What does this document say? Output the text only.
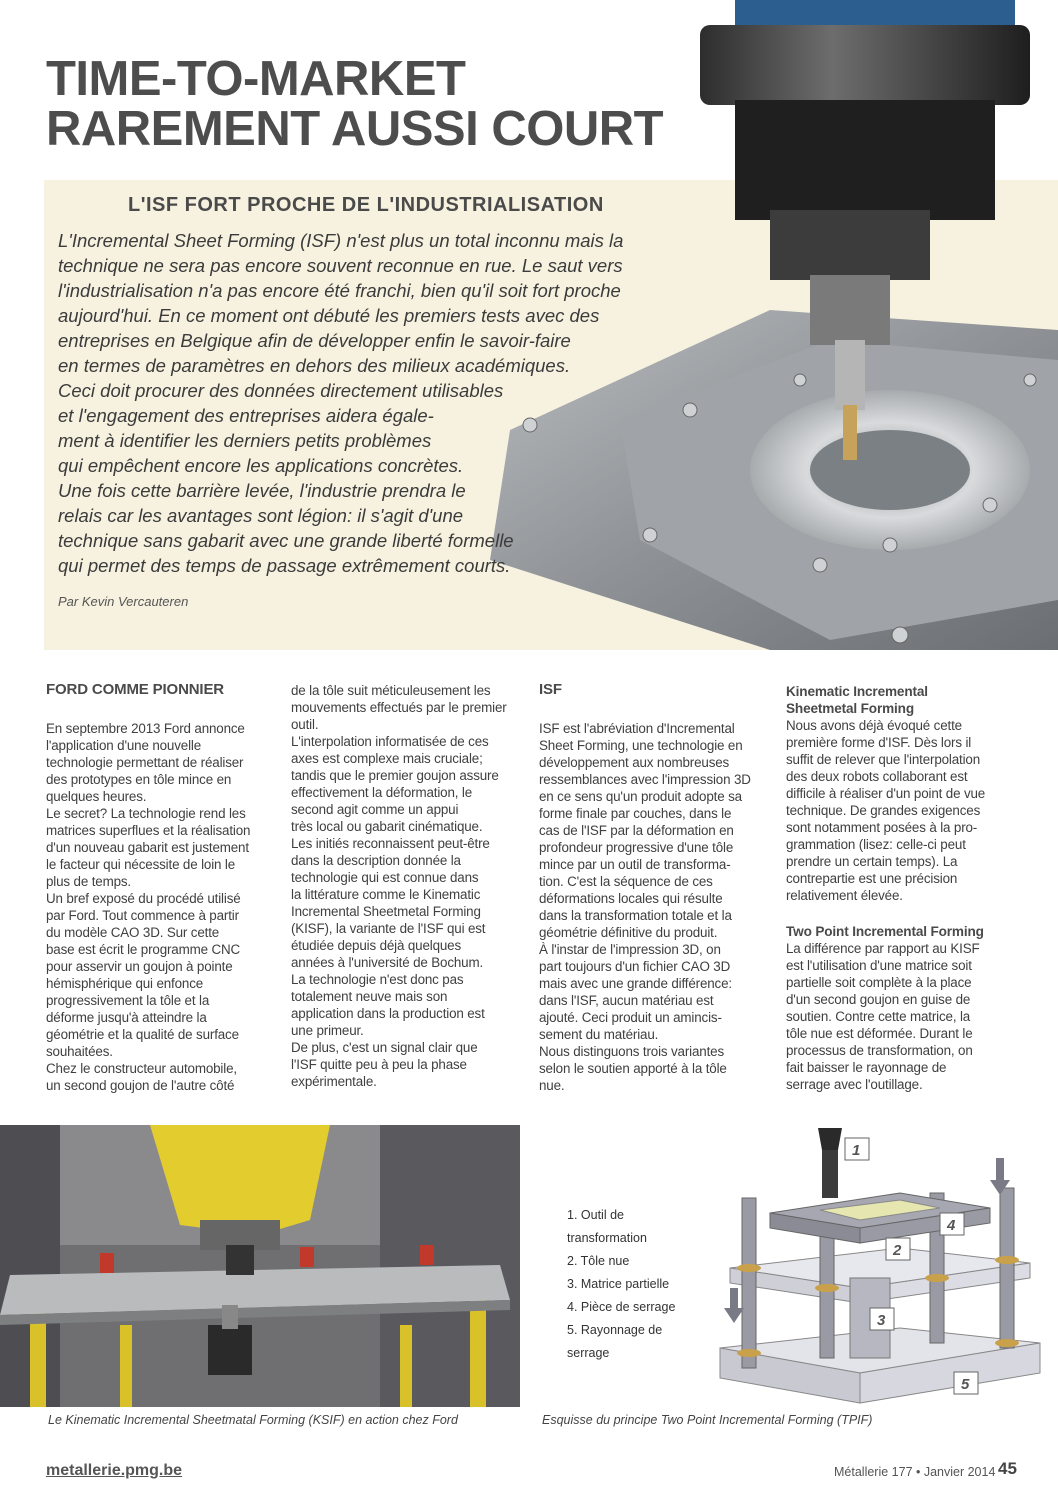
TIME-TO-MARKET
RAREMENT AUSSI COURT
L'ISF FORT PROCHE DE L'INDUSTRIALISATION
L'Incremental Sheet Forming (ISF) n'est plus un total inconnu mais la
technique ne sera pas encore souvent reconnue en rue. Le saut vers
l'industrialisation n'a pas encore été franchi, bien qu'il soit fort proche
aujourd'hui. En ce moment ont débuté les premiers tests avec des
entreprises en Belgique afin de développer enfin le savoir-faire
en termes de paramètres en dehors des milieux académiques.
Ceci doit procurer des données directement utilisables
et l'engagement des entreprises aidera égale-
ment à identifier les derniers petits problèmes
qui empêchent encore les applications concrètes.
Une fois cette barrière levée, l'industrie prendra le
relais car les avantages sont légion: il s'agit d'une
technique sans gabarit avec une grande liberté formelle
qui permet des temps de passage extrêmement courts.
Par Kevin Vercauteren
FORD COMME PIONNIER
En septembre 2013 Ford annonce
l'application d'une nouvelle
technologie permettant de réaliser
des prototypes en tôle mince en
quelques heures.
Le secret? La technologie rend les
matrices superflues et la réalisation
d'un nouveau gabarit est justement
le facteur qui nécessite de loin le
plus de temps.
Un bref exposé du procédé utilisé
par Ford. Tout commence à partir
du modèle CAO 3D. Sur cette
base est écrit le programme CNC
pour asservir un goujon à pointe
hémisphérique qui enfonce
progressivement la tôle et la
déforme jusqu'à atteindre la
géométrie et la qualité de surface
souhaitées.
Chez le constructeur automobile,
un second goujon de l'autre côté
de la tôle suit méticuleusement les
mouvements effectués par le premier
outil.
L'interpolation informatisée de ces
axes est complexe mais cruciale;
tandis que le premier goujon assure
effectivement la déformation, le
second agit comme un appui
très local ou gabarit cinématique.
Les initiés reconnaissent peut-être
dans la description donnée la
technologie qui est connue dans
la littérature comme le Kinematic
Incremental Sheetmetal Forming
(KISF), la variante de l'ISF qui est
étudiée depuis déjà quelques
années à l'université de Bochum.
La technologie n'est donc pas
totalement neuve mais son
application dans la production est
une primeur.
De plus, c'est un signal clair que
l'ISF quitte peu à peu la phase
expérimentale.
ISF
ISF est l'abréviation d'Incremental
Sheet Forming, une technologie en
développement aux nombreuses
ressemblances avec l'impression 3D
en ce sens qu'un produit adopte sa
forme finale par couches, dans le
cas de l'ISF par la déformation en
profondeur progressive d'une tôle
mince par un outil de transforma-
tion. C'est la séquence de ces
déformations locales qui résulte
dans la transformation totale et la
géométrie définitive du produit.
À l'instar de l'impression 3D, on
part toujours d'un fichier CAO 3D
mais avec une grande différence:
dans l'ISF, aucun matériau est
ajouté. Ceci produit un amincis-
sement du matériau.
Nous distinguons trois variantes
selon le soutien apporté à la tôle
nue.
Kinematic Incremental
Sheetmetal Forming
Nous avons déjà évoqué cette
première forme d'ISF. Dès lors il
suffit de relever que l'interpolation
des deux robots collaborant est
difficile à réaliser d'un point de vue
technique. De grandes exigences
sont notamment posées à la pro-
grammation (lisez: celle-ci peut
prendre un certain temps). La
contrepartie est une précision
relativement élevée.
Two Point Incremental Forming
La différence par rapport au KISF
est l'utilisation d'une matrice soit
partielle soit complète à la place
d'un second goujon en guise de
soutien. Contre cette matrice, la
tôle nue est déformée. Durant le
processus de transformation, on
fait baisser le rayonnage de
serrage avec l'outillage.
1
2
3
4
5
1. Outil de
transformation
2. Tôle nue
3. Matrice partielle
4. Pièce de serrage
5. Rayonnage de
serrage
Le Kinematic Incremental Sheetmatal Forming (KSIF) en action chez Ford	Esquisse du principe Two Point Incremental Forming (TPIF)
metallerie.pmg.be	Métallerie 177 • Janvier 2014 45
